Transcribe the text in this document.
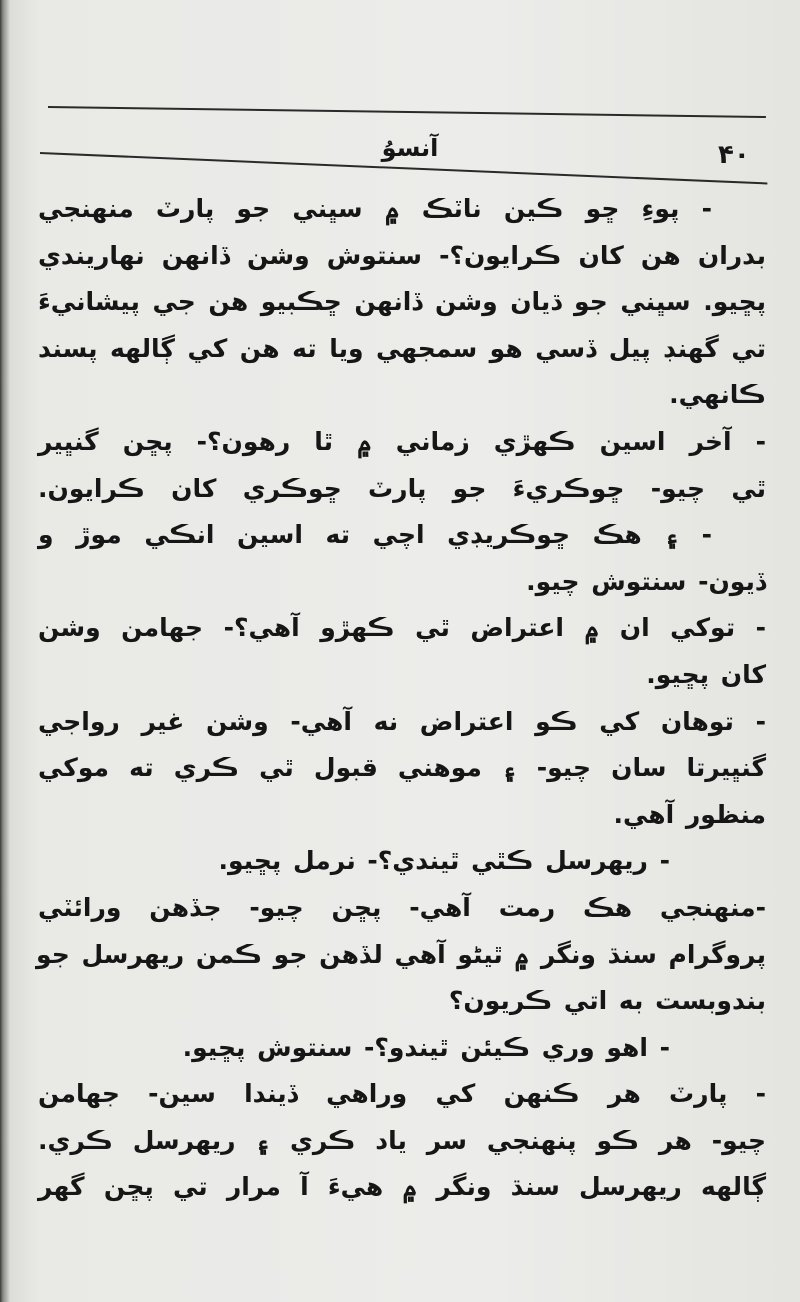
آنسوُ	۴۰
- پوءِ ڇو ڪين ناٽڪ ۾ سڀني جو پارٽ منهنجي
بدران هن کان ڪرايون؟- سنتوش وشن ڏانهن نهاريندي
پڇيو. سڀني جو ڌيان وشن ڏانهن ڇڪبيو هن جي پيشانيءَ
تي گهنڊ پيل ڏسي هو سمجهي ويا ته هن کي ڳالهه پسند
ڪانهي.
- آخر اسين ڪهڙي زماني ۾ ٿا رهون؟- پڇن گنڀير
ٿي چيو- ڇوڪريءَ جو پارٽ ڇوڪري کان ڪرايون.
- ۽ هڪ ڇوڪريڊي اچي ته اسين انڪي موڙ و
ڏيون- سنتوش چيو.
- توکي ان ۾ اعتراض ٿي ڪهڙو آهي؟- جهامن وشن
کان پڇيو.
- توهان کي ڪو اعتراض نه آهي- وشن غير رواجي
گنڀيرتا سان چيو- ۽ موهني قبول ٿي ڪري ته موکي
منظور آهي.
- ريهرسل ڪٿي ٿيندي؟- نرمل پڇيو.
-منهنجي هڪ رمت آهي- پڇن چيو- جڏهن ورائٽي
پروگرام سنڌ ونگر ۾ ٿيڻو آهي لڏهن جو ڪمن ريهرسل جو
بندوبست به اتي ڪريون؟
- اهو وري ڪيئن ٿيندو؟- سنتوش پڇيو.
- پارٽ هر ڪنهن کي وراهي ڏيندا سين- جهامن
چيو- هر ڪو پنهنجي سر ياد ڪري ۽ ريهرسل ڪري.
ڳالهه ريهرسل سنڌ ونگر ۾ هيءَ آ مرار تي پڇن گهر
